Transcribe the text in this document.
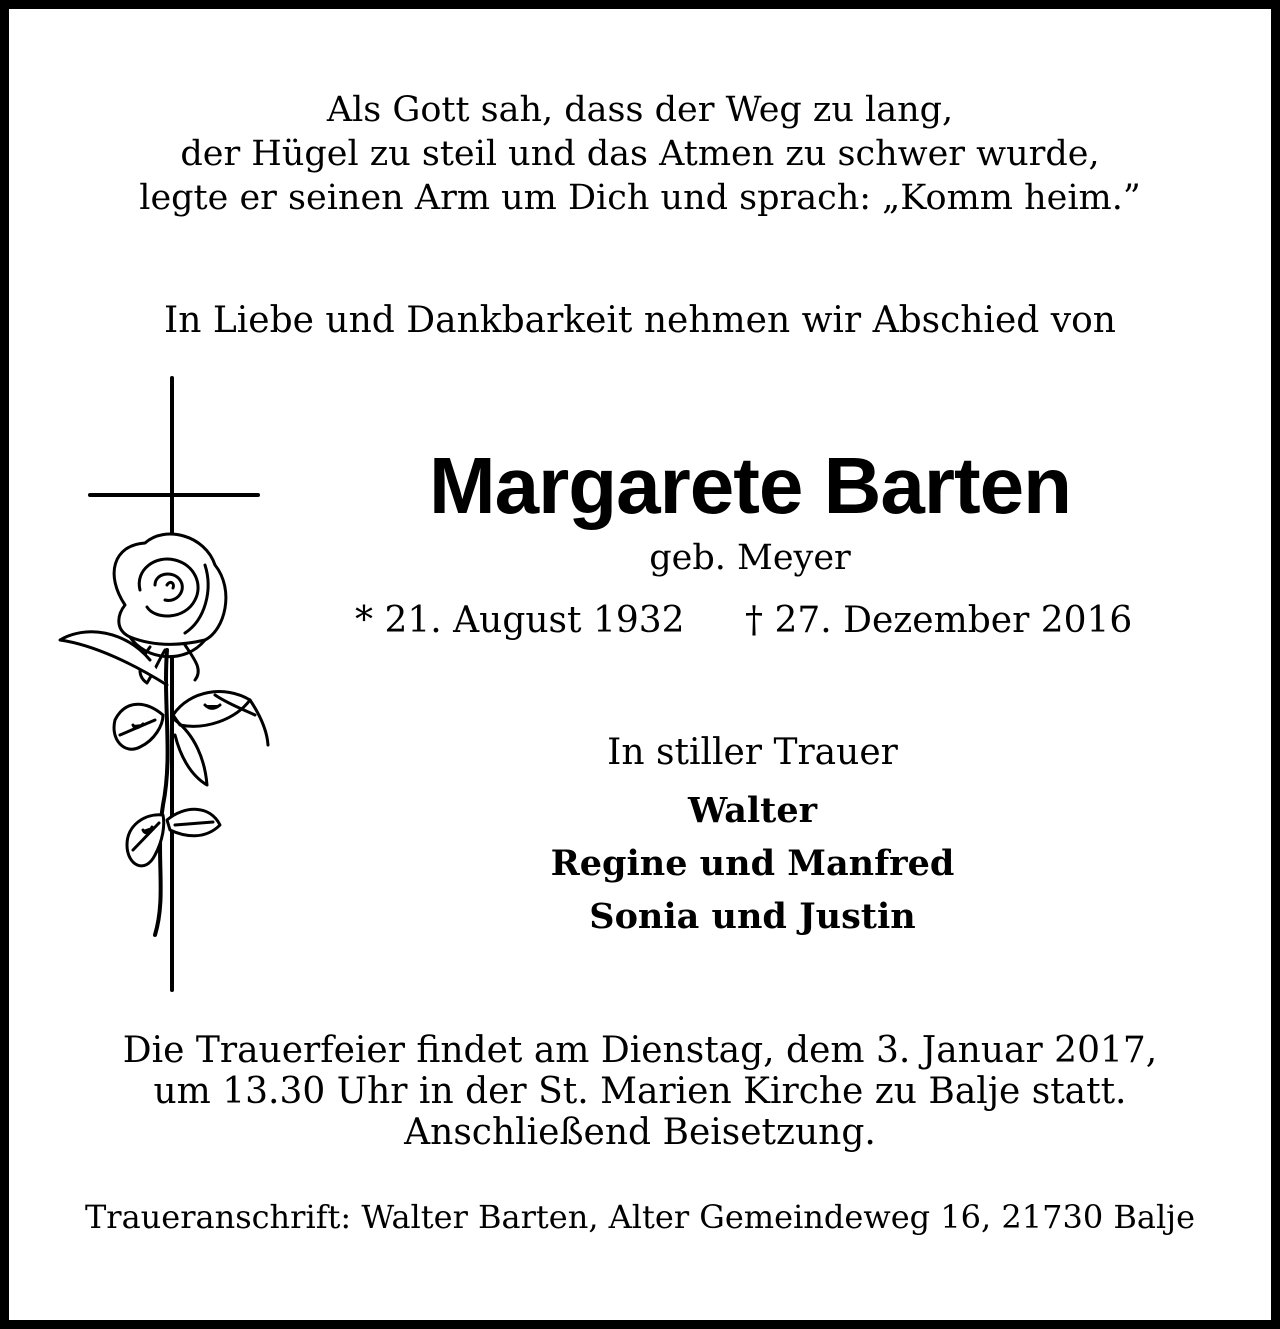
Als Gott sah, dass der Weg zu lang,
der Hügel zu steil und das Atmen zu schwer wurde,
legte er seinen Arm um Dich und sprach: „Komm heim.”
In Liebe und Dankbarkeit nehmen wir Abschied von
Margarete Barten
geb. Meyer
* 21. August 1932 † 27. Dezember 2016
In stiller Trauer
Walter
Regine und Manfred
Sonia und Justin
Die Trauerfeier findet am Dienstag, dem 3. Januar 2017,
um 13.30 Uhr in der St. Marien Kirche zu Balje statt.
Anschließend Beisetzung.
Traueranschrift: Walter Barten, Alter Gemeindeweg 16, 21730 Balje
